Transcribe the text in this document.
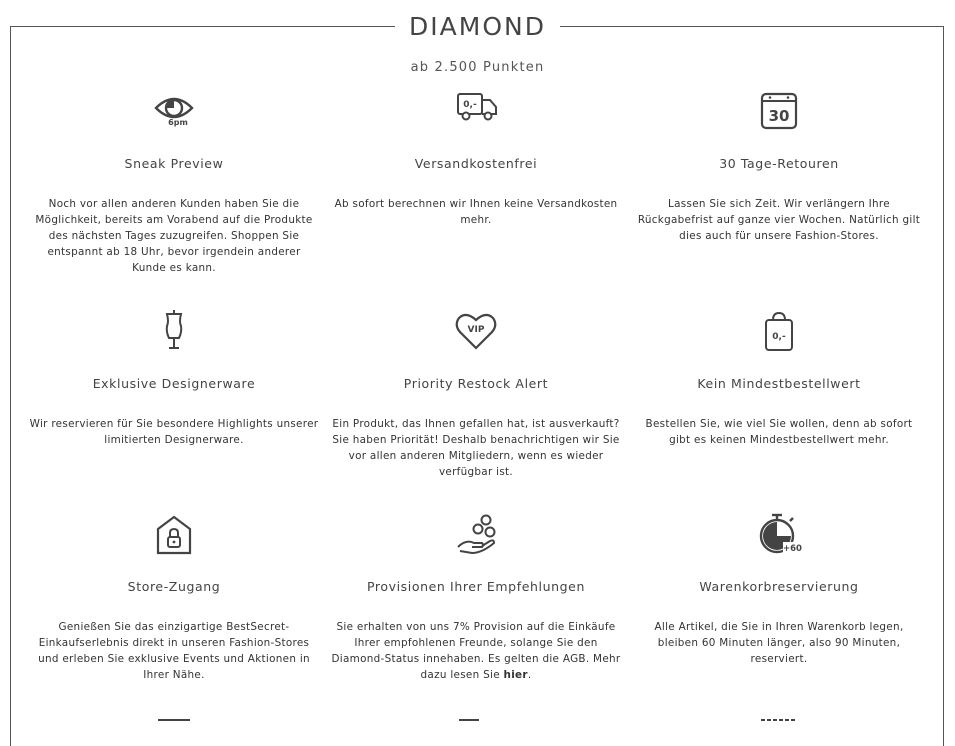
DIAMOND
ab 2.500 Punkten
6pm
Sneak Preview
Noch vor allen anderen Kunden haben Sie die Möglichkeit, bereits am Vorabend auf die Produkte des nächsten Tages zuzugreifen. Shoppen Sie entspannt ab 18 Uhr, bevor irgendein anderer Kunde es kann.
0,-
Versandkostenfrei
Ab sofort berechnen wir Ihnen keine Versandkosten mehr.
30
30 Tage-Retouren
Lassen Sie sich Zeit. Wir verlängern Ihre Rückgabefrist auf ganze vier Wochen. Natürlich gilt dies auch für unsere Fashion-Stores.
Exklusive Designerware
Wir reservieren für Sie besondere Highlights unserer limitierten Designerware.
VIP
Priority Restock Alert
Ein Produkt, das Ihnen gefallen hat, ist ausverkauft? Sie haben Priorität! Deshalb benachrichtigen wir Sie vor allen anderen Mitgliedern, wenn es wieder verfügbar ist.
0,-
Kein Mindestbestellwert
Bestellen Sie, wie viel Sie wollen, denn ab sofort gibt es keinen Mindestbestellwert mehr.
Store-Zugang
Genießen Sie das einzigartige BestSecret-Einkaufserlebnis direkt in unseren Fashion-Stores und erleben Sie exklusive Events und Aktionen in Ihrer Nähe.
Provisionen Ihrer Empfehlungen
Sie erhalten von uns 7% Provision auf die Einkäufe Ihrer empfohlenen Freunde, solange Sie den Diamond-Status innehaben. Es gelten die AGB. Mehr dazu lesen Sie hier.
+60
Warenkorbreservierung
Alle Artikel, die Sie in Ihren Warenkorb legen, bleiben 60 Minuten länger, also 90 Minuten, reserviert.
